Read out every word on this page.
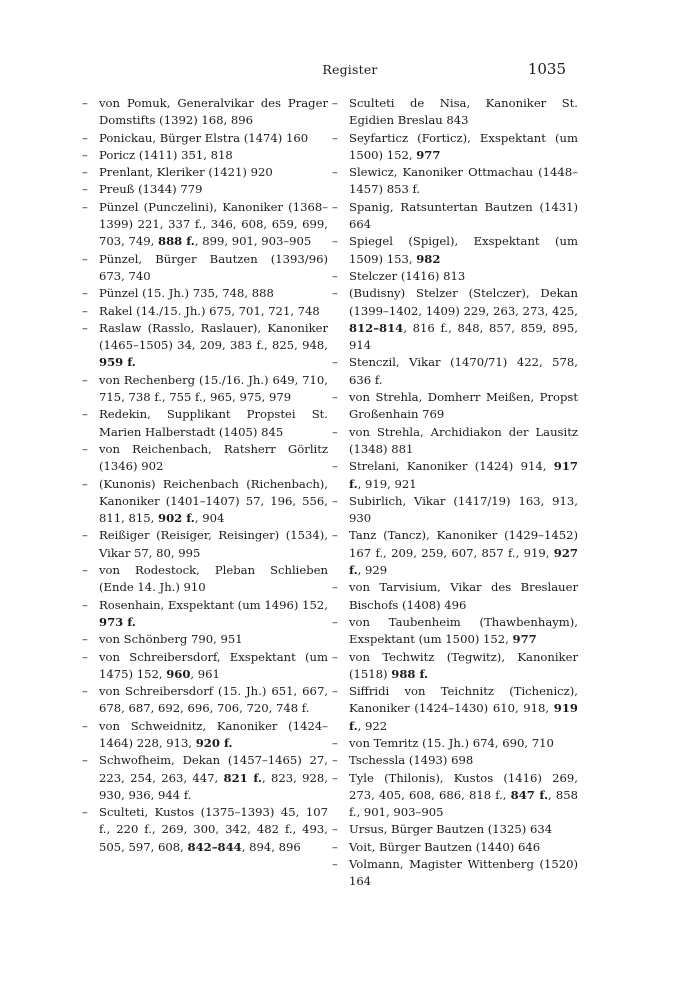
Register	1035
– von Pomuk, Generalvikar des Prager Domstifts (1392) 168, 896
– Ponickau, Bürger Elstra (1474) 160
– Poricz (1411) 351, 818
– Prenlant, Kleriker (1421) 920
– Preuß (1344) 779
– Pünzel (Punczelini), Kanoniker (1368–1399) 221, 337 f., 346, 608, 659, 699, 703, 749, 888 f., 899, 901, 903–905
– Pünzel, Bürger Bautzen (1393/96) 673, 740
– Pünzel (15. Jh.) 735, 748, 888
– Rakel (14./15. Jh.) 675, 701, 721, 748
– Raslaw (Rasslo, Raslauer), Kanoniker (1465–1505) 34, 209, 383 f., 825, 948, 959 f.
– von Rechenberg (15./16. Jh.) 649, 710, 715, 738 f., 755 f., 965, 975, 979
– Redekin, Supplikant Propstei St. Marien Halberstadt (1405) 845
– von Reichenbach, Ratsherr Görlitz (1346) 902
– (Kunonis) Reichenbach (Richenbach), Kanoniker (1401–1407) 57, 196, 556, 811, 815, 902 f., 904
– Reißiger (Reisiger, Reisinger) (1534), Vikar 57, 80, 995
– von Rodestock, Pleban Schlieben (Ende 14. Jh.) 910
– Rosenhain, Exspektant (um 1496) 152, 973 f.
– von Schönberg 790, 951
– von Schreibersdorf, Exspektant (um 1475) 152, 960, 961
– von Schreibersdorf (15. Jh.) 651, 667, 678, 687, 692, 696, 706, 720, 748 f.
– von Schweidnitz, Kanoniker (1424–1464) 228, 913, 920 f.
– Schwofheim, Dekan (1457–1465) 27, 223, 254, 263, 447, 821 f., 823, 928, 930, 936, 944 f.
– Sculteti, Kustos (1375–1393) 45, 107 f., 220 f., 269, 300, 342, 482 f., 493, 505, 597, 608, 842–844, 894, 896
– Sculteti de Nisa, Kanoniker St. Egidien Breslau 843
– Seyfarticz (Forticz), Exspektant (um 1500) 152, 977
– Slewicz, Kanoniker Ottmachau (1448–1457) 853 f.
– Spanig, Ratsuntertan Bautzen (1431) 664
– Spiegel (Spigel), Exspektant (um 1509) 153, 982
– Stelczer (1416) 813
– (Budisny) Stelzer (Stelczer), Dekan (1399–1402, 1409) 229, 263, 273, 425, 812–814, 816 f., 848, 857, 859, 895, 914
– Stenczil, Vikar (1470/71) 422, 578, 636 f.
– von Strehla, Domherr Meißen, Propst Großenhain 769
– von Strehla, Archidiakon der Lausitz (1348) 881
– Strelani, Kanoniker (1424) 914, 917 f., 919, 921
– Subirlich, Vikar (1417/19) 163, 913, 930
– Tanz (Tancz), Kanoniker (1429–1452) 167 f., 209, 259, 607, 857 f., 919, 927 f., 929
– von Tarvisium, Vikar des Breslauer Bischofs (1408) 496
– von Taubenheim (Thawbenhaym), Exspektant (um 1500) 152, 977
– von Techwitz (Tegwitz), Kanoniker (1518) 988 f.
– Siffridi von Teichnitz (Tichenicz), Kanoniker (1424–1430) 610, 918, 919 f., 922
– von Temritz (15. Jh.) 674, 690, 710
– Tschessla (1493) 698
– Tyle (Thilonis), Kustos (1416) 269, 273, 405, 608, 686, 818 f., 847 f., 858 f., 901, 903–905
– Ursus, Bürger Bautzen (1325) 634
– Voit, Bürger Bautzen (1440) 646
– Volmann, Magister Wittenberg (1520) 164
